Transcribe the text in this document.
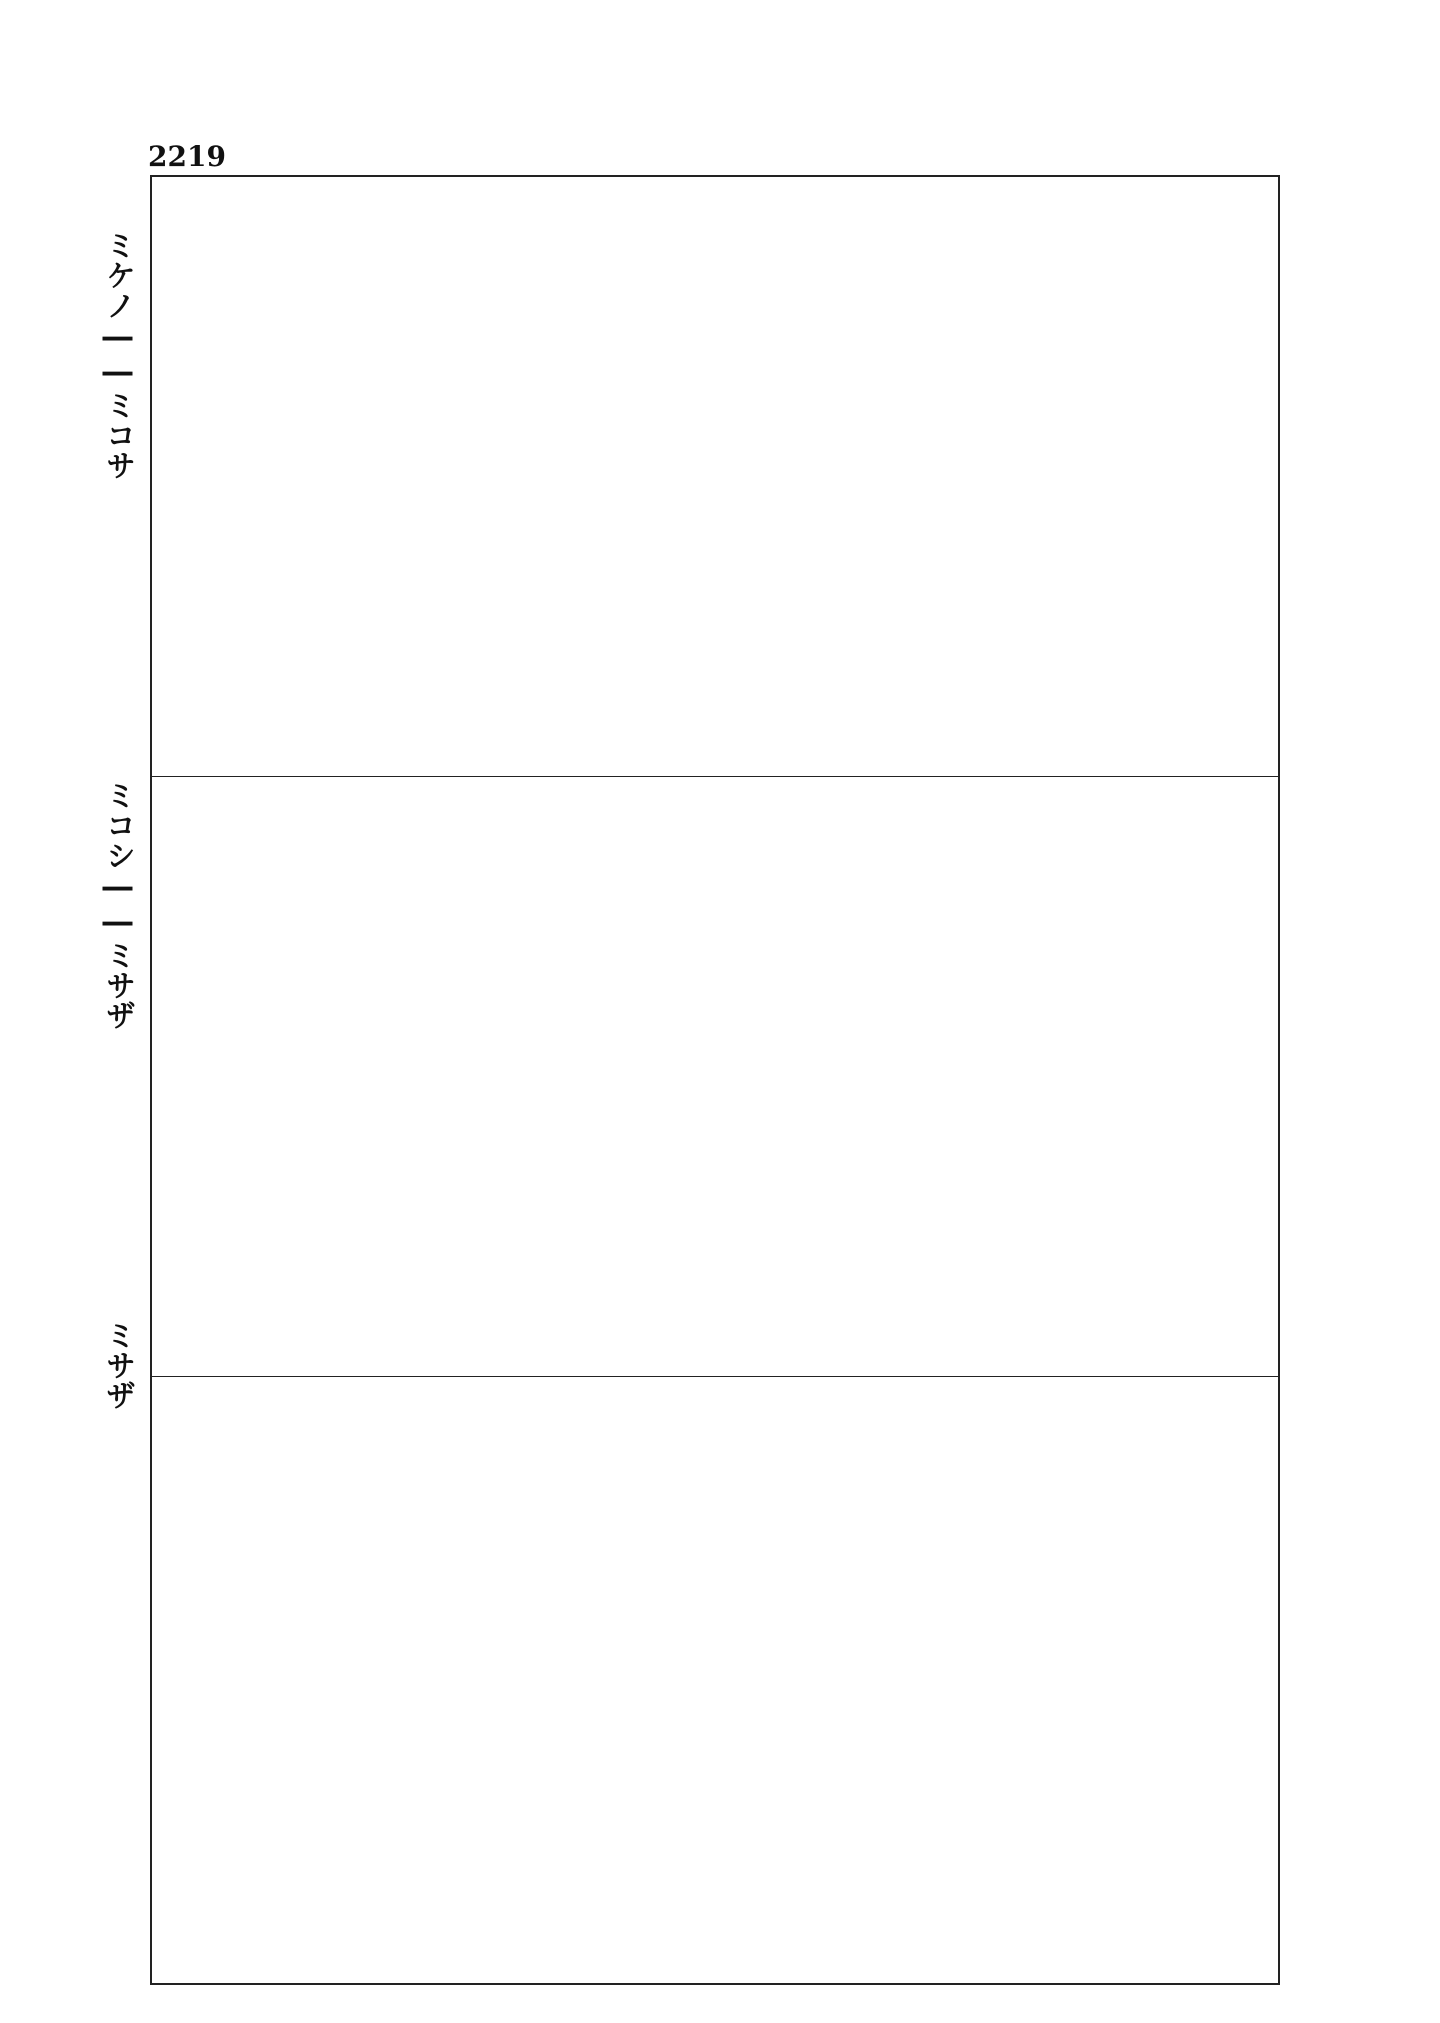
2219
ミケノ――ミコサ
ミコシ――ミサザ
ミサザ
